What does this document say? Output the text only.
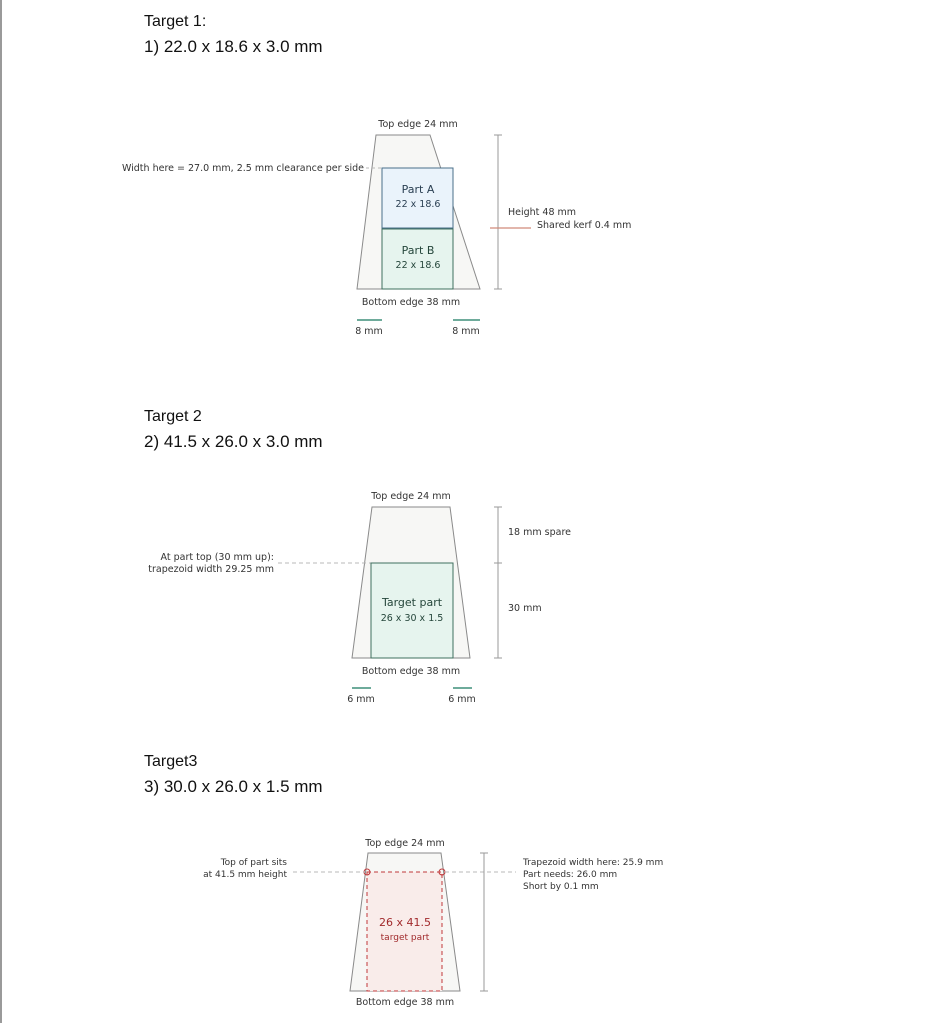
Target 1:
1) 22.0 x 18.6 x 3.0 mm
Target 2
2) 41.5 x 26.0 x 3.0 mm
Target3
3) 30.0 x 26.0 x 1.5 mm
Top edge 24 mm
Width here = 27.0 mm, 2.5 mm clearance per side
Part A
22 x 18.6
Part B
22 x 18.6
Height 48 mm
Shared kerf 0.4 mm
Bottom edge 38 mm
8 mm	8 mm
Top edge 24 mm
At part top (30 mm up):
trapezoid width 29.25 mm
Target part
26 x 30 x 1.5
18 mm spare
30 mm
Bottom edge 38 mm
6 mm	6 mm
Top edge 24 mm
26 x 41.5
target part
Top of part sits
at 41.5 mm height
Trapezoid width here: 25.9 mm
Part needs: 26.0 mm
Short by 0.1 mm
Bottom edge 38 mm
